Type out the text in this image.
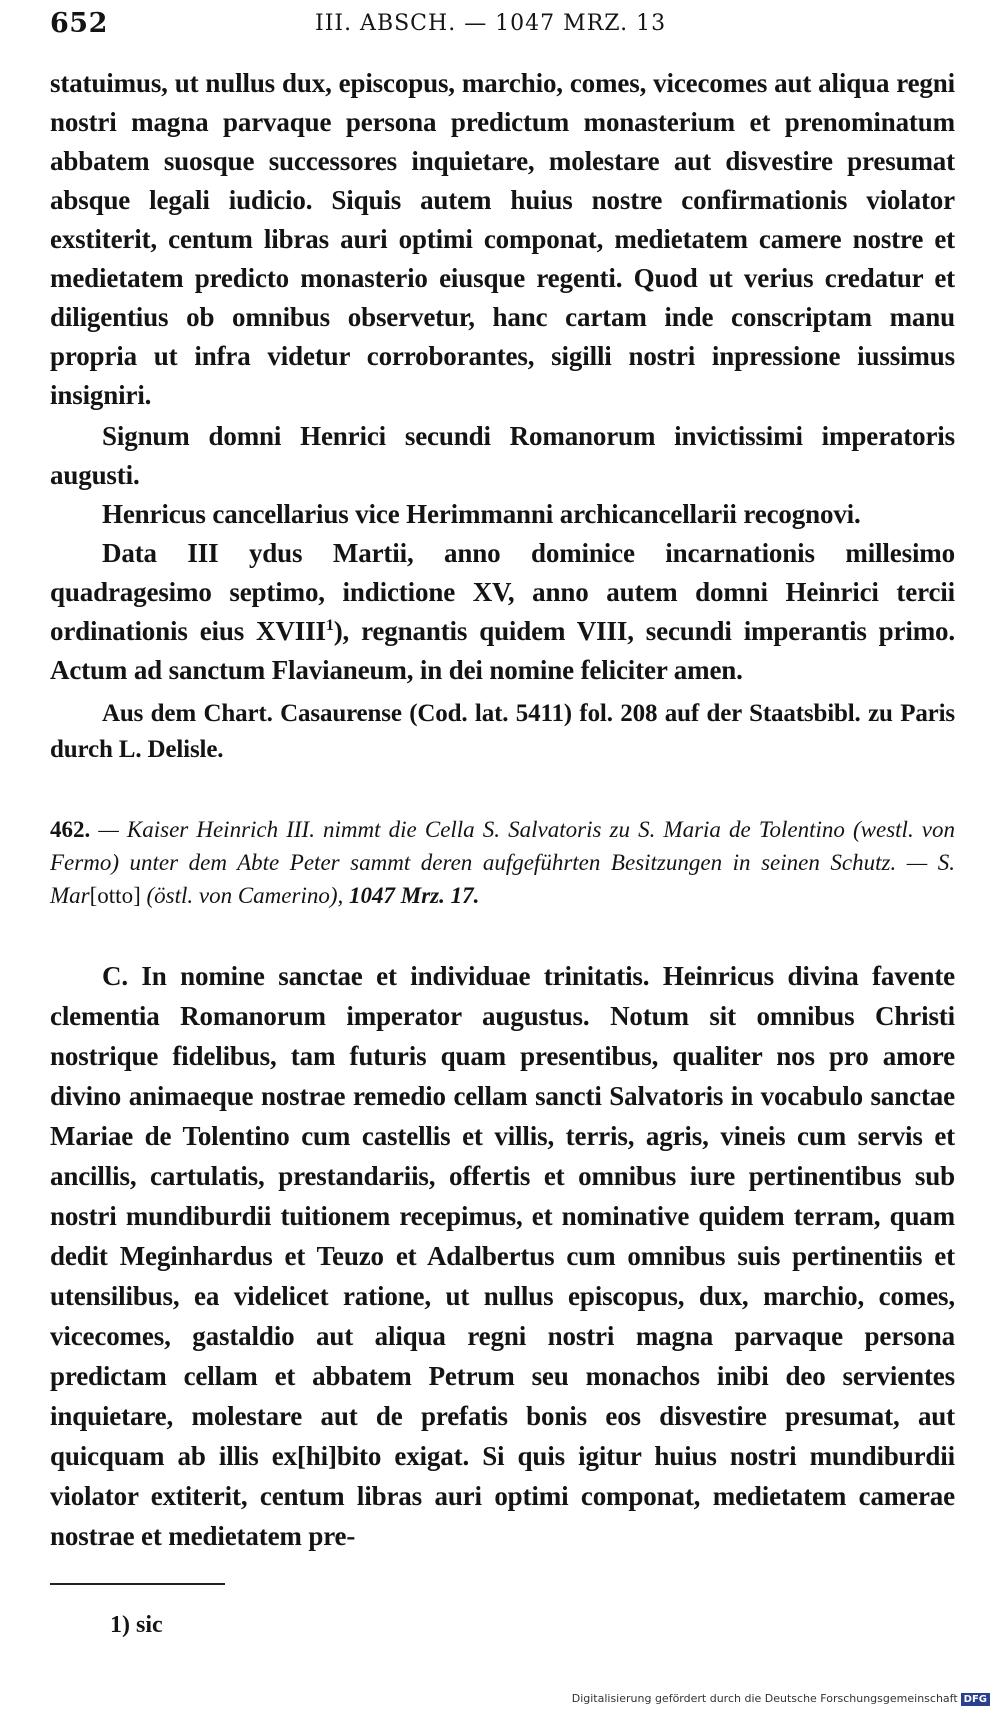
652	III. ABSCH. — 1047 MRZ. 13

statuimus, ut nullus dux, episcopus, marchio, comes, vicecomes aut aliqua regni nostri magna parvaque persona predictum monasterium et prenominatum abbatem suosque successores inquietare, molestare aut disvestire presumat absque legali iudicio. Siquis autem huius nostre confirmationis violator exstiterit, centum libras auri optimi componat, medietatem camere nostre et medietatem predicto monasterio eiusque regenti. Quod ut verius credatur et diligentius ob omnibus observetur, hanc cartam inde conscriptam manu propria ut infra videtur corroborantes, sigilli nostri inpressione iussimus insigniri.

Signum domni Henrici secundi Romanorum invictissimi imperatoris augusti.

Henricus cancellarius vice Herimmanni archicancellarii recognovi.

Data III ydus Martii, anno dominice incarnationis millesimo quadragesimo septimo, indictione XV, anno autem domni Heinrici tercii ordinationis eius XVIII$^1$), regnantis quidem VIII, secundi imperantis primo. Actum ad sanctum Flavianeum, in dei nomine feliciter amen.

Aus dem Chart. Casaurense (Cod. lat. 5411) fol. 208 auf der Staatsbibl. zu Paris durch L. Delisle.

462. — Kaiser Heinrich III. nimmt die Cella S. Salvatoris zu S. Maria de Tolentino (westl. von Fermo) unter dem Abte Peter sammt deren aufgeführten Besitzungen in seinen Schutz. — S. Mar[otto] (östl. von Camerino), 1047 Mrz. 17.

C. In nomine sanctae et individuae trinitatis. Heinricus divina favente clementia Romanorum imperator augustus. Notum sit omnibus Christi nostrique fidelibus, tam futuris quam presentibus, qualiter nos pro amore divino animaeque nostrae remedio cellam sancti Salvatoris in vocabulo sanctae Mariae de Tolentino cum castellis et villis, terris, agris, vineis cum servis et ancillis, cartulatis, prestandariis, offertis et omnibus iure pertinentibus sub nostri mundiburdii tuitionem recepimus, et nominative quidem terram, quam dedit Meginhardus et Teuzo et Adalbertus cum omnibus suis pertinentiis et utensilibus, ea videlicet ratione, ut nullus episcopus, dux, marchio, comes, vicecomes, gastaldio aut aliqua regni nostri magna parvaque persona predictam cellam et abbatem Petrum seu monachos inibi deo servientes inquietare, molestare aut de prefatis bonis eos disvestire presumat, aut quicquam ab illis ex[hi]bito exigat. Si quis igitur huius nostri mundiburdii violator extiterit, centum libras auri optimi componat, medietatem camerae nostrae et medietatem pre-

1) sic
Digitalisierung gefördert durch die Deutsche Forschungsgemeinschaft DFG
